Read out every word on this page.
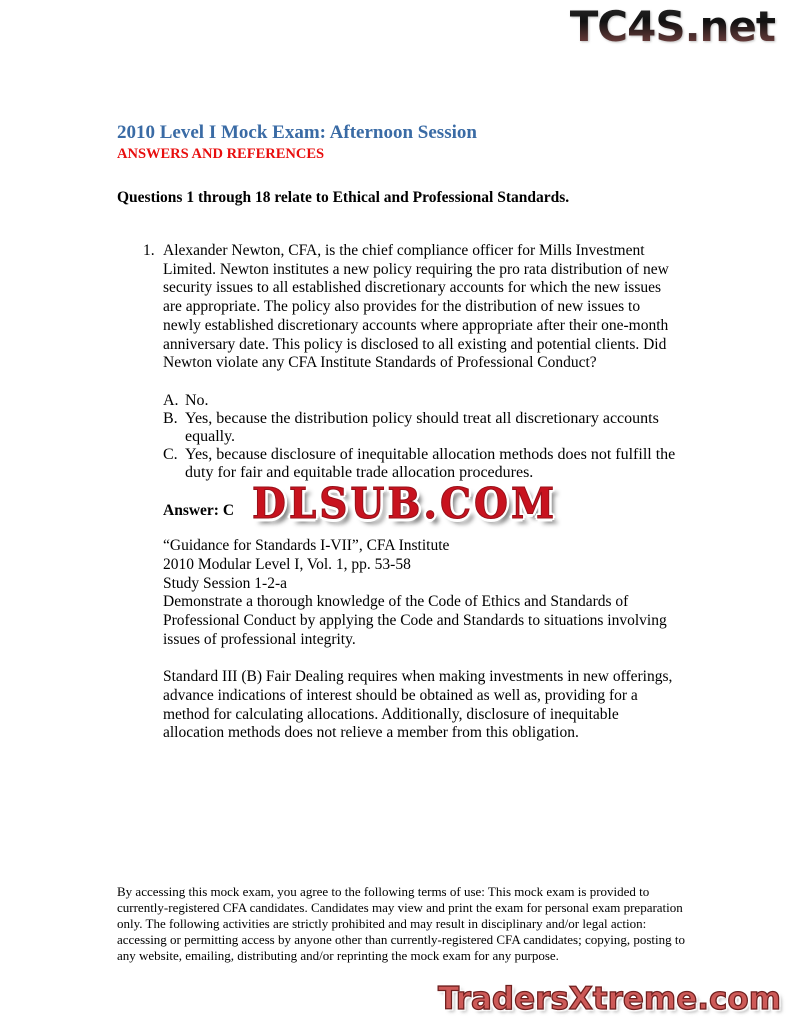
TC4S.net
2010 Level I Mock Exam: Afternoon Session
ANSWERS AND REFERENCES
Questions 1 through 18 relate to Ethical and Professional Standards.
1. Alexander Newton, CFA, is the chief compliance officer for Mills Investment Limited. Newton institutes a new policy requiring the pro rata distribution of new security issues to all established discretionary accounts for which the new issues are appropriate. The policy also provides for the distribution of new issues to newly established discretionary accounts where appropriate after their one-month anniversary date. This policy is disclosed to all existing and potential clients. Did Newton violate any CFA Institute Standards of Professional Conduct?
A. No.
B. Yes, because the distribution policy should treat all discretionary accounts equally.
C. Yes, because disclosure of inequitable allocation methods does not fulfill the duty for fair and equitable trade allocation procedures.
Answer: C
“Guidance for Standards I-VII”, CFA Institute
2010 Modular Level I, Vol. 1, pp. 53-58
Study Session 1-2-a
Demonstrate a thorough knowledge of the Code of Ethics and Standards of Professional Conduct by applying the Code and Standards to situations involving issues of professional integrity.
Standard III (B) Fair Dealing requires when making investments in new offerings, advance indications of interest should be obtained as well as, providing for a method for calculating allocations. Additionally, disclosure of inequitable allocation methods does not relieve a member from this obligation.
DLSUB.COM
By accessing this mock exam, you agree to the following terms of use: This mock exam is provided to currently-registered CFA candidates. Candidates may view and print the exam for personal exam preparation only. The following activities are strictly prohibited and may result in disciplinary and/or legal action: accessing or permitting access by anyone other than currently-registered CFA candidates; copying, posting to any website, emailing, distributing and/or reprinting the mock exam for any purpose.
TradersXtreme.com
